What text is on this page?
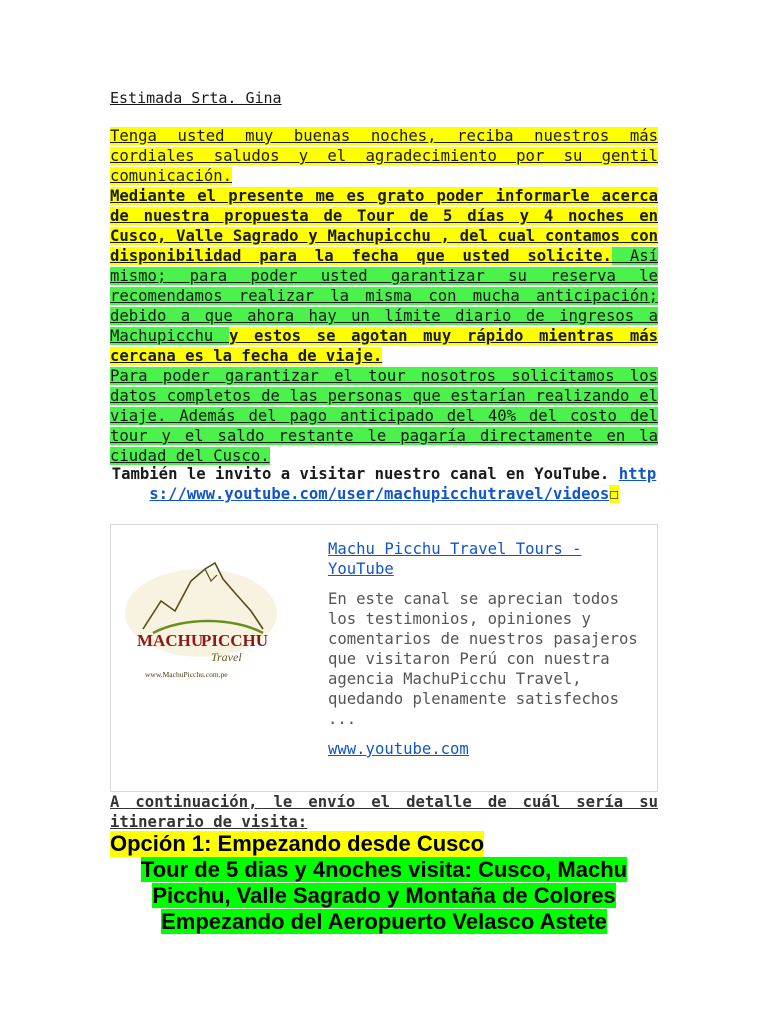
Estimada Srta. Gina
Tenga usted muy buenas noches, reciba nuestros más cordiales saludos y el agradecimiento por su gentil comunicación.
Mediante el presente me es grato poder informarle acerca de nuestra propuesta de Tour de 5 días y 4 noches en Cusco, Valle Sagrado y Machupicchu , del cual contamos con disponibilidad para la fecha que usted solicite. Así mismo; para poder usted garantizar su reserva le recomendamos realizar la misma con mucha anticipación; debido a que ahora hay un límite diario de ingresos a Machupicchu y estos se agotan muy rápido mientras más cercana es la fecha de viaje.
Para poder garantizar el tour nosotros solicitamos los datos completos de las personas que estarían realizando el viaje. Además del pago anticipado del 40% del costo del tour y el saldo restante le pagaría directamente en la ciudad del Cusco.
También le invito a visitar nuestro canal en YouTube. https://www.youtube.com/user/machupicchutravel/videos☐
MACHU
PICCHU
Travel
www.MachuPicchu.com.pe
Machu Picchu Travel Tours - YouTube
En este canal se aprecian todos los testimonios, opiniones y comentarios de nuestros pasajeros que visitaron Perú con nuestra agencia MachuPicchu Travel, quedando plenamente satisfechos ...
www.youtube.com
A continuación, le envío el detalle de cuál sería su itinerario de visita:
Opción 1: Empezando desde Cusco
Tour de 5 dias y 4noches visita: Cusco, Machu
Picchu, Valle Sagrado y Montaña de Colores
Empezando del Aeropuerto Velasco Astete
